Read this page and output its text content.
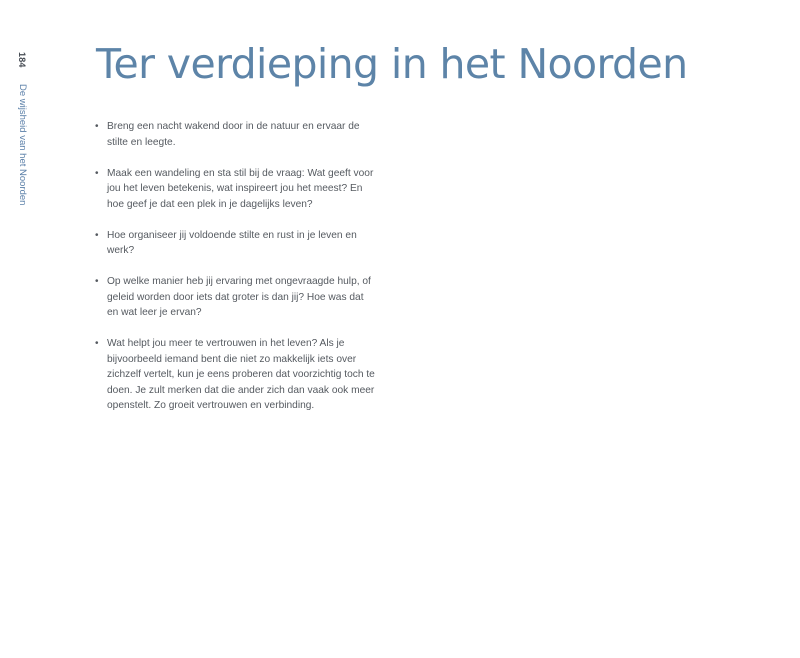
184
De wijsheid van het Noorden
Ter verdieping in het Noorden
• Breng een nacht wakend door in de natuur en ervaar de stilte en leegte.
• Maak een wandeling en sta stil bij de vraag: Wat geeft voor jou het leven betekenis, wat inspireert jou het meest? En hoe geef je dat een plek in je dagelijks leven?
• Hoe organiseer jij voldoende stilte en rust in je leven en werk?
• Op welke manier heb jij ervaring met ongevraagde hulp, of geleid worden door iets dat groter is dan jij? Hoe was dat en wat leer je ervan?
• Wat helpt jou meer te vertrouwen in het leven? Als je bijvoorbeeld iemand bent die niet zo makkelijk iets over zichzelf vertelt, kun je eens proberen dat voorzichtig toch te doen. Je zult merken dat die ander zich dan vaak ook meer openstelt. Zo groeit vertrouwen en verbinding.
